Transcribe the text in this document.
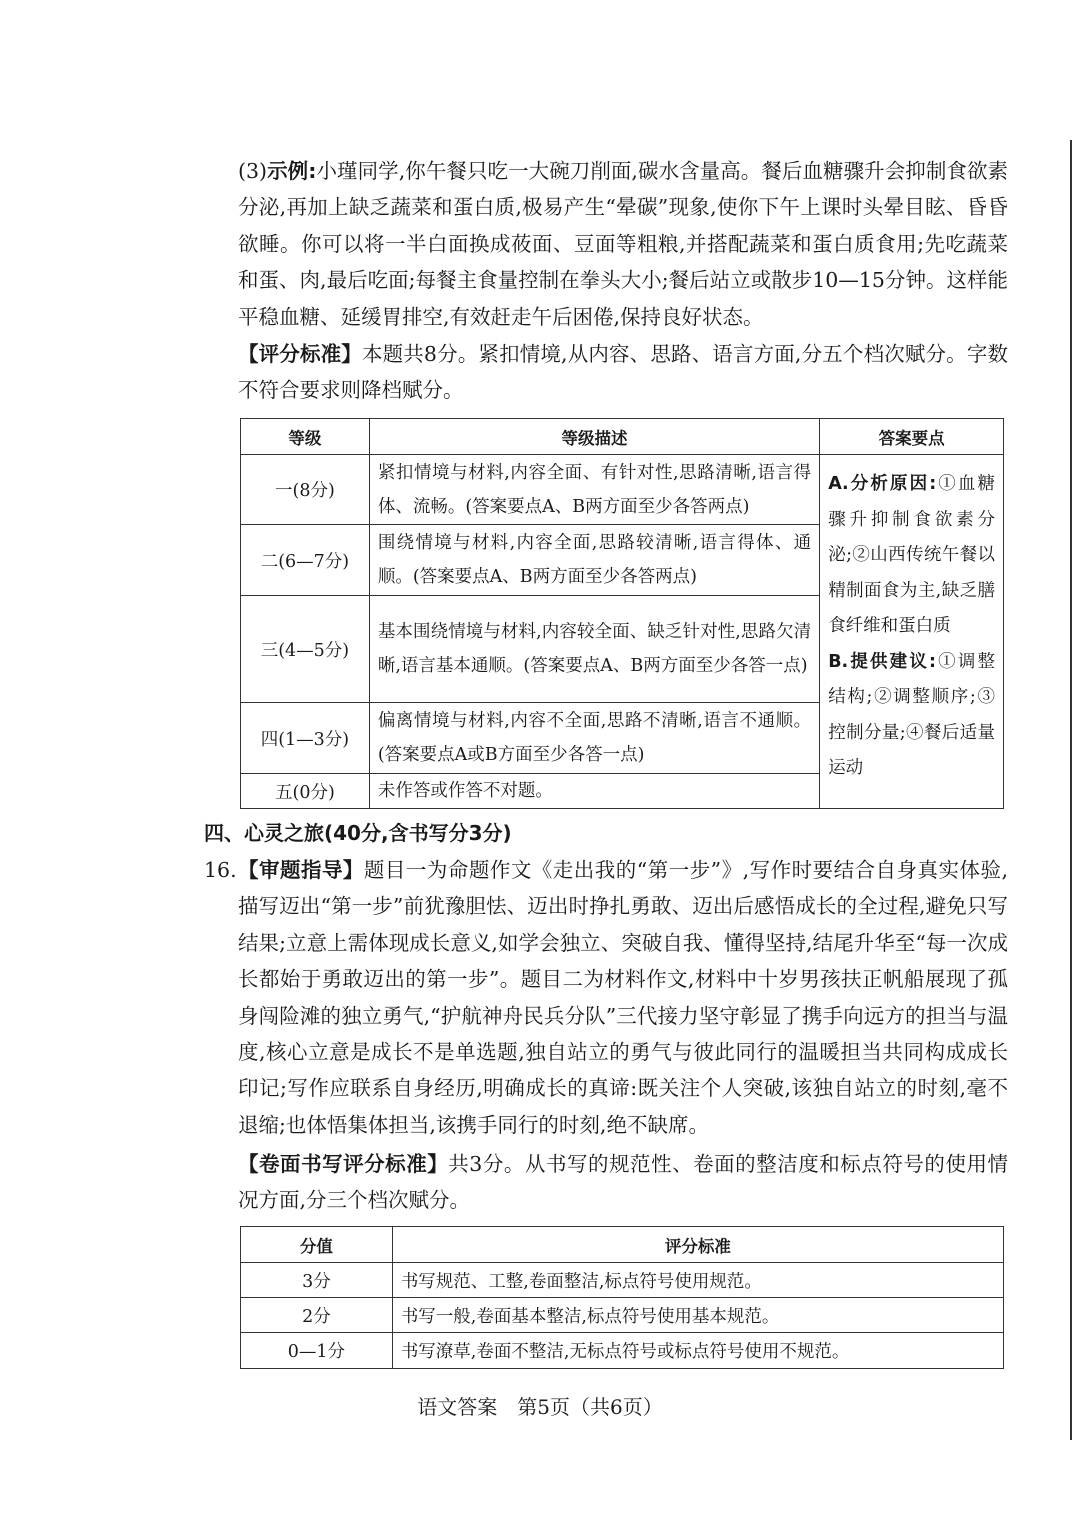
(3)示例:小瑾同学,你午餐只吃一大碗刀削面,碳水含量高。餐后血糖骤升会抑制食欲素分泌,再加上缺乏蔬菜和蛋白质,极易产生“晕碳”现象,使你下午上课时头晕目眩、昏昏欲睡。你可以将一半白面换成莜面、豆面等粗粮,并搭配蔬菜和蛋白质食用;先吃蔬菜和蛋、肉,最后吃面;每餐主食量控制在拳头大小;餐后站立或散步10—15分钟。这样能平稳血糖、延缓胃排空,有效赶走午后困倦,保持良好状态。
【评分标准】本题共8分。紧扣情境,从内容、思路、语言方面,分五个档次赋分。字数不符合要求则降档赋分。
等级	等级描述	答案要点
一(8分)	紧扣情境与材料,内容全面、有针对性,思路清晰,语言得体、流畅。(答案要点A、B两方面至少各答两点)	A.分析原因:①血糖骤升抑制食欲素分泌;②山西传统午餐以精制面食为主,缺乏膳食纤维和蛋白质
B.提供建议:①调整结构;②调整顺序;③控制分量;④餐后适量运动
二(6—7分)	围绕情境与材料,内容全面,思路较清晰,语言得体、通顺。(答案要点A、B两方面至少各答两点)	
三(4—5分)	基本围绕情境与材料,内容较全面、缺乏针对性,思路欠清晰,语言基本通顺。(答案要点A、B两方面至少各答一点)	
四(1—3分)	偏离情境与材料,内容不全面,思路不清晰,语言不通顺。(答案要点A或B方面至少各答一点)	
五(0分)	未作答或作答不对题。	
四、心灵之旅(40分,含书写分3分)
16. 【审题指导】题目一为命题作文《走出我的“第一步”》,写作时要结合自身真实体验,描写迈出“第一步”前犹豫胆怯、迈出时挣扎勇敢、迈出后感悟成长的全过程,避免只写结果;立意上需体现成长意义,如学会独立、突破自我、懂得坚持,结尾升华至“每一次成长都始于勇敢迈出的第一步”。题目二为材料作文,材料中十岁男孩扶正帆船展现了孤身闯险滩的独立勇气,“护航神舟民兵分队”三代接力坚守彰显了携手向远方的担当与温度,核心立意是成长不是单选题,独自站立的勇气与彼此同行的温暖担当共同构成成长印记;写作应联系自身经历,明确成长的真谛:既关注个人突破,该独自站立的时刻,毫不退缩;也体悟集体担当,该携手同行的时刻,绝不缺席。
【卷面书写评分标准】共3分。从书写的规范性、卷面的整洁度和标点符号的使用情况方面,分三个档次赋分。
分值	评分标准
3分	书写规范、工整,卷面整洁,标点符号使用规范。
2分	书写一般,卷面基本整洁,标点符号使用基本规范。
0—1分	书写潦草,卷面不整洁,无标点符号或标点符号使用不规范。
语文答案　第5页（共6页）
